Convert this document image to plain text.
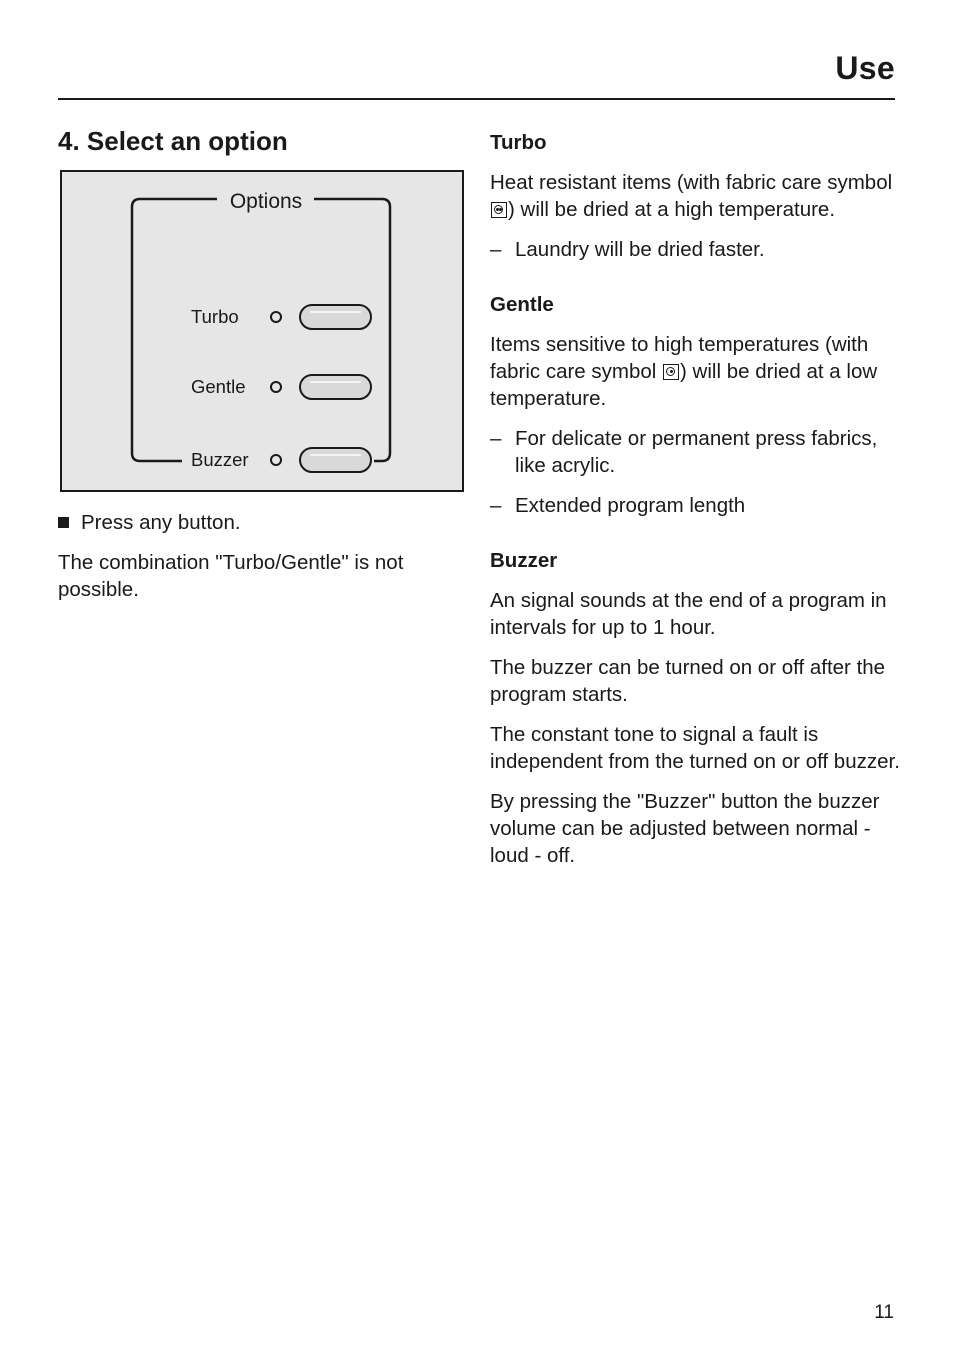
Use
4. Select an option
Options
Turbo
Gentle
Buzzer
Press any button.
The combination "Turbo/Gentle" is not possible.
Turbo

Heat resistant items (with fabric care symbol
) will be dried at a high temperature.

– Laundry will be dried faster.
Gentle

Items sensitive to high temperatures (with fabric care symbol
) will be dried at a low temperature.

– For delicate or permanent press fabrics, like acrylic.
– Extended program length
Buzzer

An signal sounds at the end of a program in intervals for up to 1 hour.

The buzzer can be turned on or off after the program starts.

The constant tone to signal a fault is independent from the turned on or off buzzer.

By pressing the "Buzzer" button the buzzer volume can be adjusted between normal - loud - off.

11
